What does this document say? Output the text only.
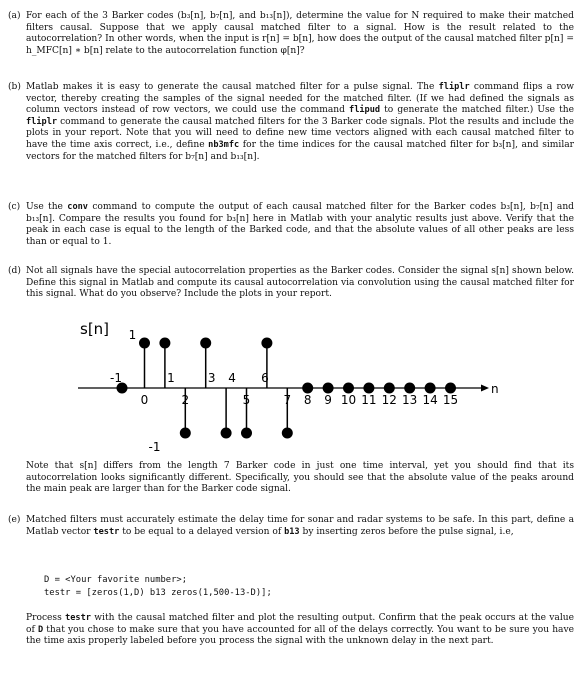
(a) For each of the 3 Barker codes (b₃[n], b₇[n], and b₁₃[n]), determine the value for N required to make their matched filters causal. Suppose that we apply causal matched filter to a signal. How is the result related to the autocorrelation? In other words, when the input is r[n] = b[n], how does the output of the causal matched filter p[n] = h_MFC[n] ∗ b[n] relate to the autocorrelation function φ[n]?
(b) Matlab makes it is easy to generate the causal matched filter for a pulse signal. The fliplr command flips a row vector, thereby creating the samples of the signal needed for the matched filter. (If we had defined the signals as column vectors instead of row vectors, we could use the command flipud to generate the matched filter.) Use the fliplr command to generate the causal matched filters for the 3 Barker code signals. Plot the results and include the plots in your report. Note that you will need to define new time vectors aligned with each causal matched filter to have the time axis correct, i.e., define nb3mfc for the time indices for the causal matched filter for b₃[n], and similar vectors for the matched filters for b₇[n] and b₁₃[n].
(c) Use the conv command to compute the output of each causal matched filter for the Barker codes b₃[n], b₇[n] and b₁₃[n]. Compare the results you found for b₃[n] here in Matlab with your analytic results just above. Verify that the peak in each case is equal to the length of the Barked code, and that the absolute values of all other peaks are less than or equal to 1.
(d) Not all signals have the special autocorrelation properties as the Barker codes. Consider the signal s[n] shown below. Define this signal in Matlab and compute its causal autocorrelation via convolution using the causal matched filter for this signal. What do you observe? Include the plots in your report.
s[n]
n
-1
0
1
2
3 4
5
6
7 8 9 10 11 12 13 14 15
1
-1
Note that s[n] differs from the length 7 Barker code in just one time interval, yet you should find that its autocorrelation looks significantly different. Specifically, you should see that the absolute value of the peaks around the main peak are larger than for the Barker code signal.
(e) Matched filters must accurately estimate the delay time for sonar and radar systems to be safe. In this part, define a Matlab vector testr to be equal to a delayed version of b13 by inserting zeros before the pulse signal, i.e,
D = <Your favorite number>;
testr = [zeros(1,D) b13 zeros(1,500-13-D)];
Process testr with the causal matched filter and plot the resulting output. Confirm that the peak occurs at the value of D that you chose to make sure that you have accounted for all of the delays correctly. You want to be sure you have the time axis properly labeled before you process the signal with the unknown delay in the next part.
